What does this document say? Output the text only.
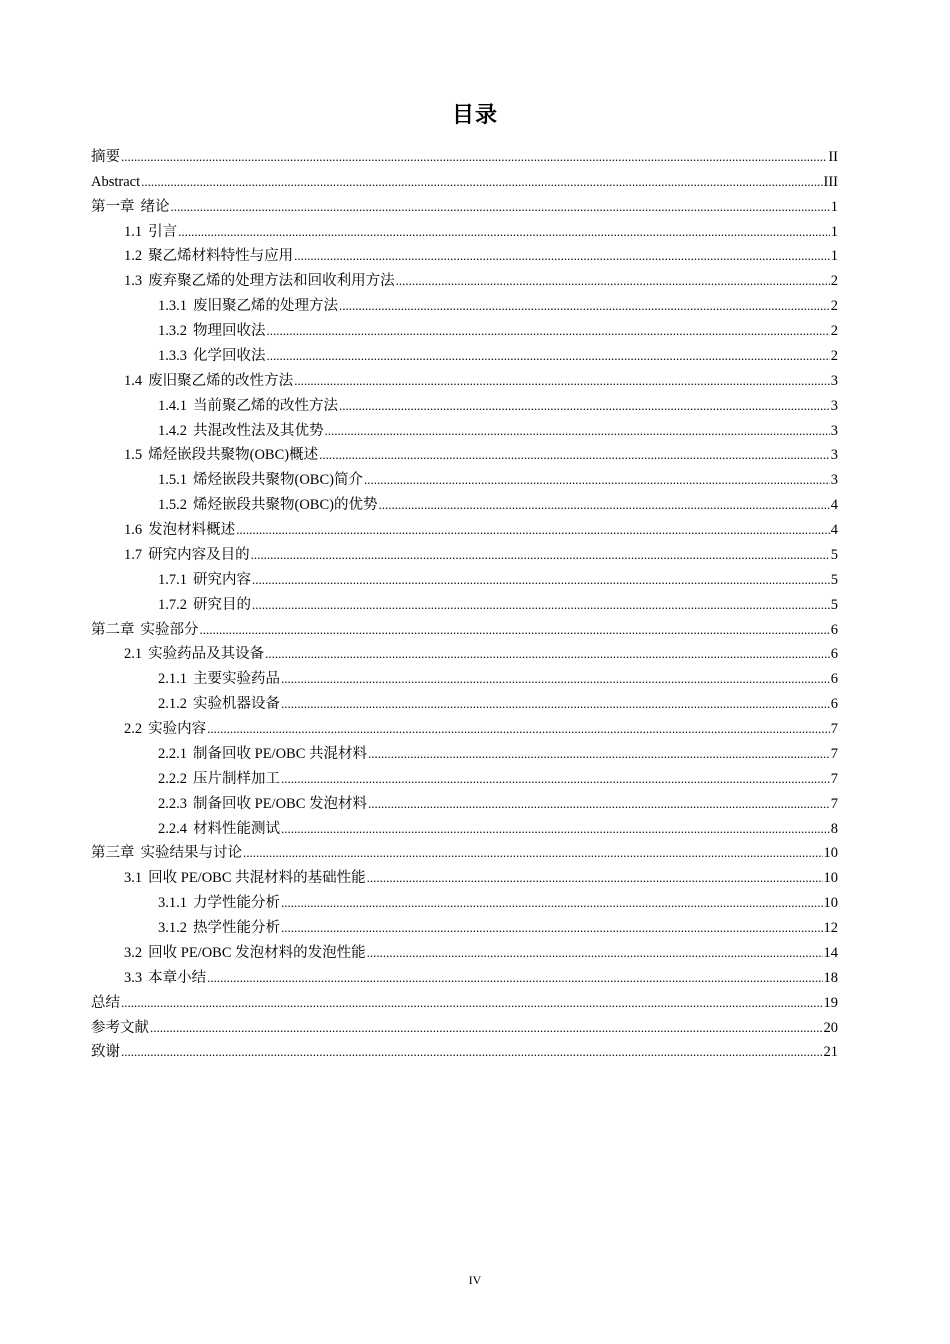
目录
摘要 .....	II
Abstract .....	III
第一章 绪论 .....	1
1.1 引言 .....	1
1.2 聚乙烯材料特性与应用 .....	1
1.3 废弃聚乙烯的处理方法和回收利用方法 .....	2
1.3.1 废旧聚乙烯的处理方法 .....	2
1.3.2 物理回收法 .....	2
1.3.3 化学回收法 .....	2
1.4 废旧聚乙烯的改性方法 .....	3
1.4.1 当前聚乙烯的改性方法 .....	3
1.4.2 共混改性法及其优势 .....	3
1.5 烯烃嵌段共聚物(OBC)概述 .....	3
1.5.1 烯烃嵌段共聚物(OBC)简介 .....	3
1.5.2 烯烃嵌段共聚物(OBC)的优势 .....	4
1.6 发泡材料概述 .....	4
1.7 研究内容及目的 .....	5
1.7.1 研究内容 .....	5
1.7.2 研究目的 .....	5
第二章 实验部分 .....	6
2.1 实验药品及其设备 .....	6
2.1.1 主要实验药品 .....	6
2.1.2 实验机器设备 .....	6
2.2 实验内容 .....	7
2.2.1 制备回收 PE/OBC 共混材料 .....	7
2.2.2 压片制样加工 .....	7
2.2.3 制备回收 PE/OBC 发泡材料 .....	7
2.2.4 材料性能测试 .....	8
第三章 实验结果与讨论 .....	10
3.1 回收 PE/OBC 共混材料的基础性能 .....	10
3.1.1 力学性能分析 .....	10
3.1.2 热学性能分析 .....	12
3.2 回收 PE/OBC 发泡材料的发泡性能 .....	14
3.3 本章小结 .....	18
总结 .....	19
参考文献 .....	20
致谢 .....	21
IV
